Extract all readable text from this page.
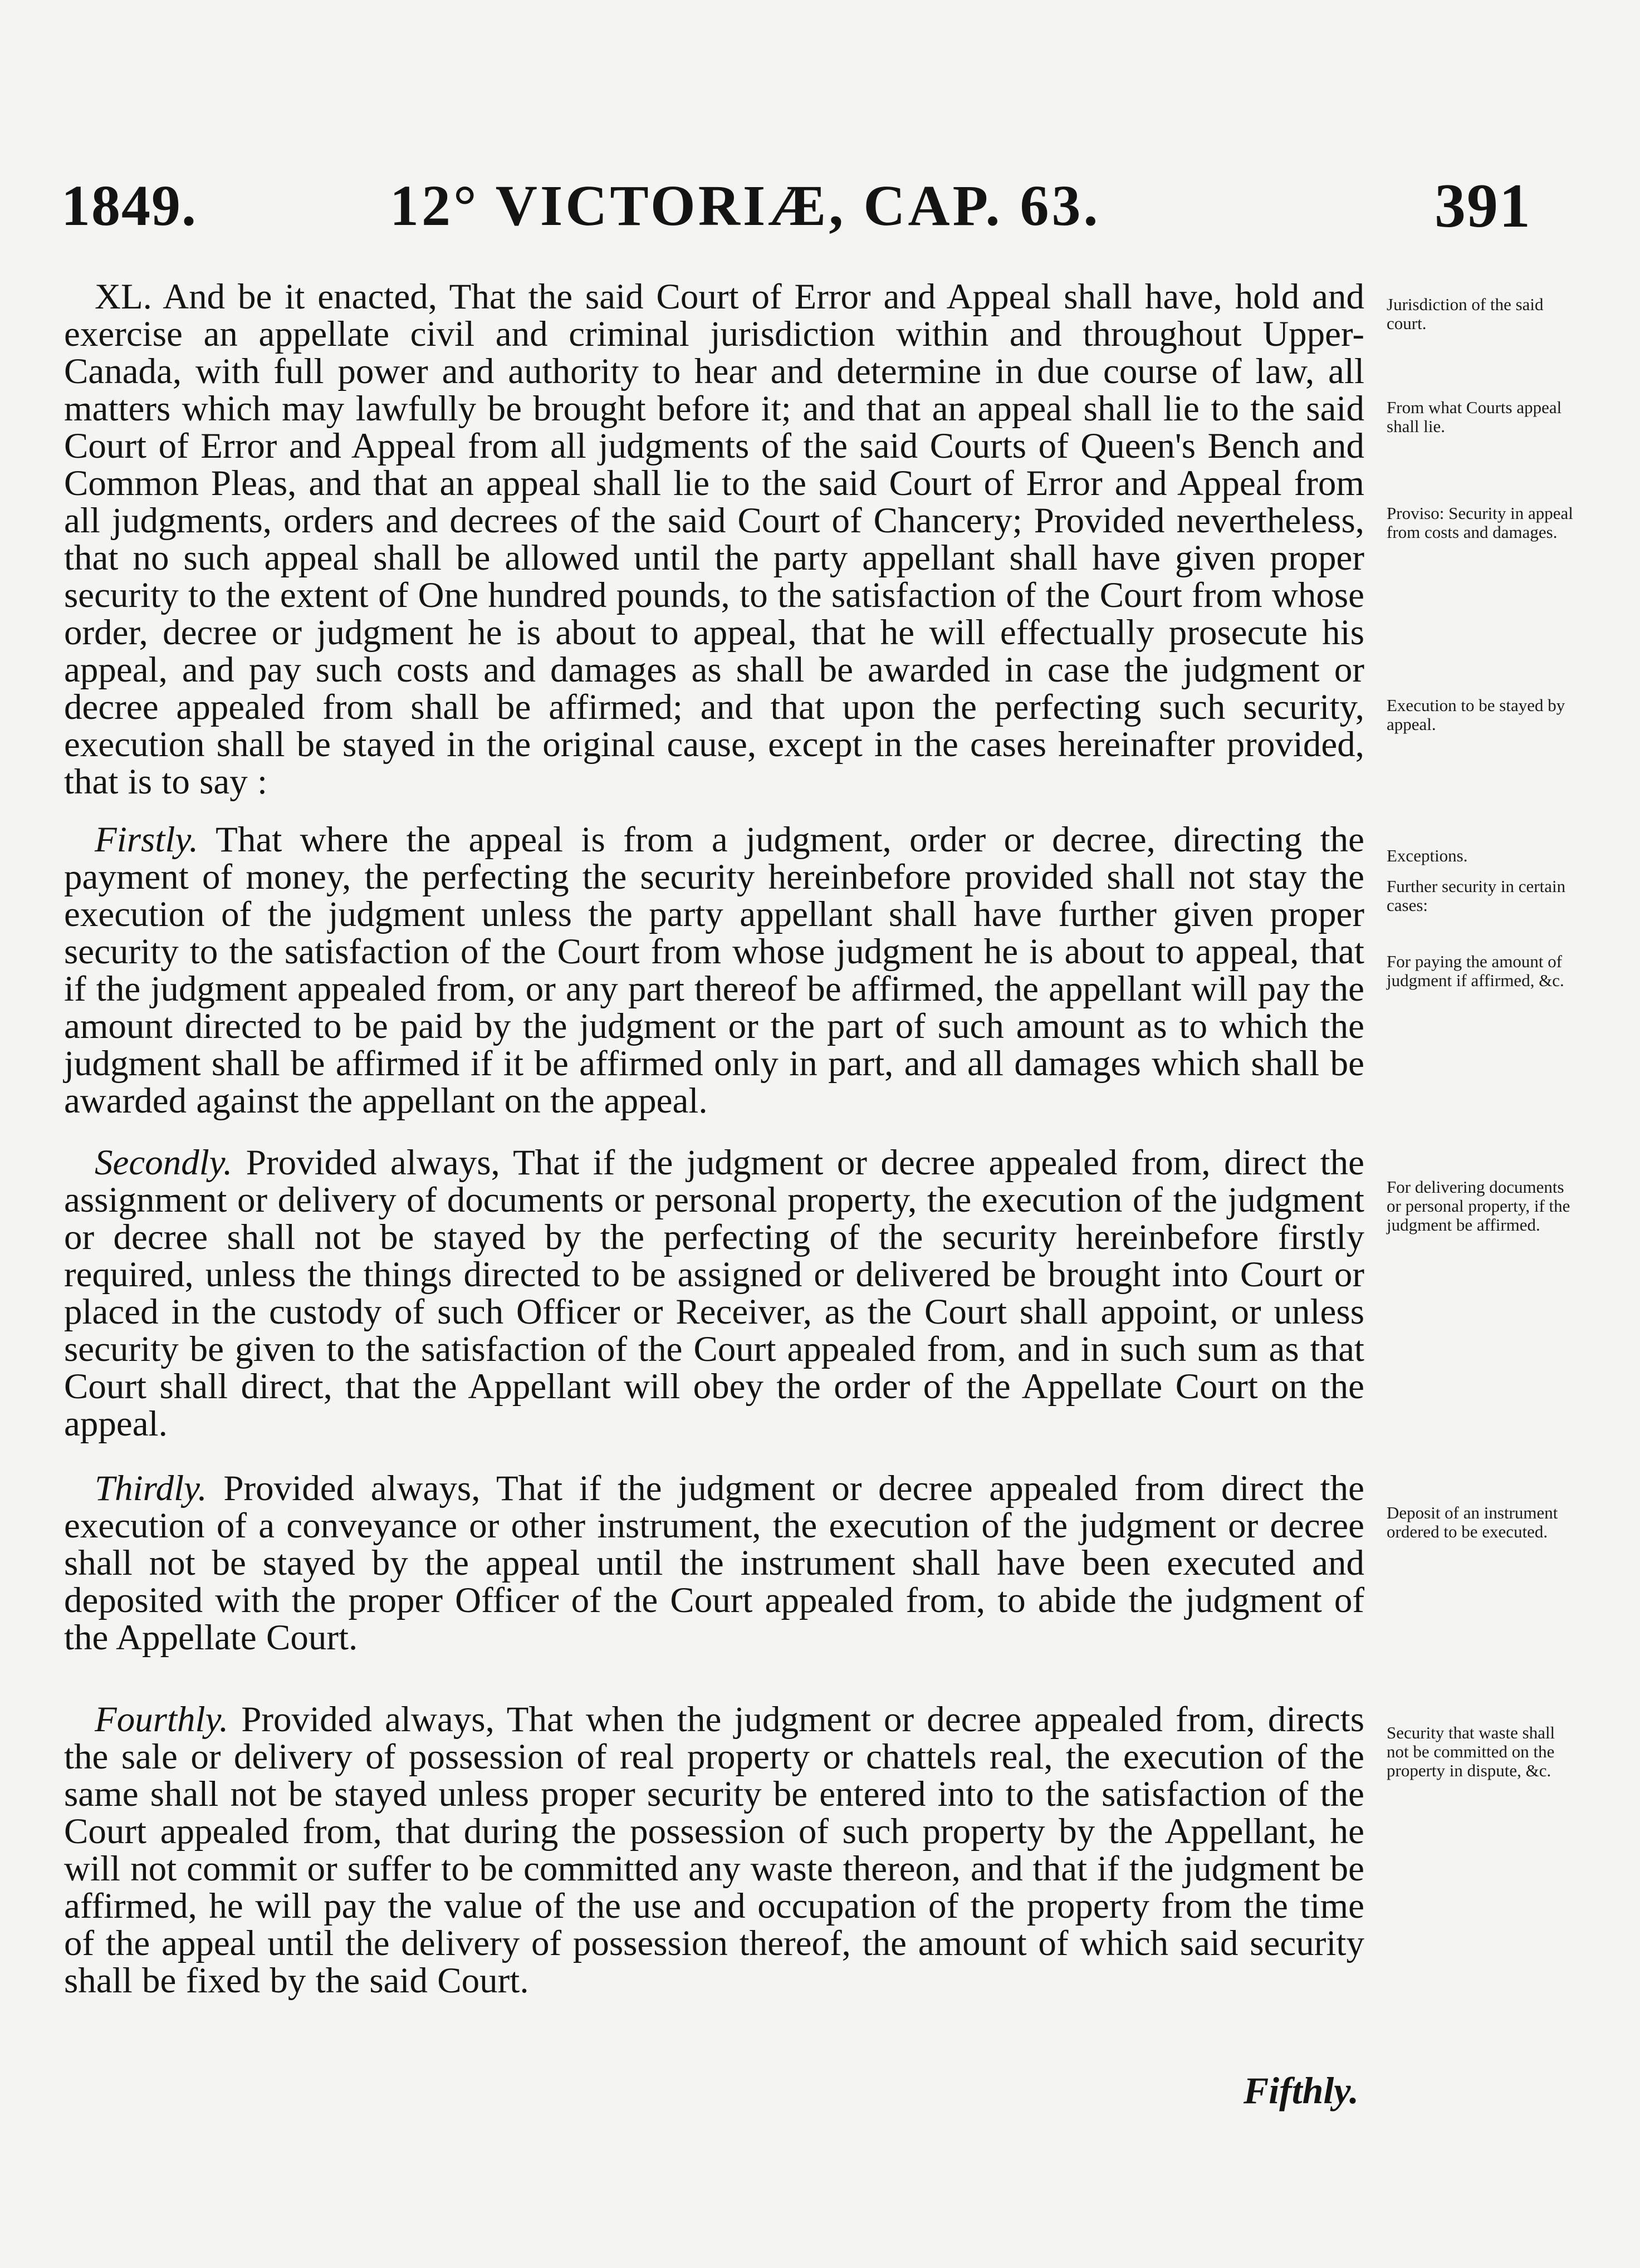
1849.	12° VICTORIÆ, CAP. 63.	391

XL. And be it enacted, That the said Court of Error and Appeal shall have, hold and exercise an appellate civil and criminal jurisdiction within and throughout Upper-Canada, with full power and authority to hear and determine in due course of law, all matters which may lawfully be brought before it; and that an appeal shall lie to the said Court of Error and Appeal from all judgments of the said Courts of Queen's Bench and Common Pleas, and that an appeal shall lie to the said Court of Error and Appeal from all judgments, orders and decrees of the said Court of Chancery; Provided nevertheless, that no such appeal shall be allowed until the party appellant shall have given proper security to the extent of One hundred pounds, to the satisfaction of the Court from whose order, decree or judgment he is about to appeal, that he will effectually prosecute his appeal, and pay such costs and damages as shall be awarded in case the judgment or decree appealed from shall be affirmed; and that upon the perfecting such security, execution shall be stayed in the original cause, except in the cases hereinafter provided, that is to say :

Firstly. That where the appeal is from a judgment, order or decree, directing the payment of money, the perfecting the security hereinbefore provided shall not stay the execution of the judgment unless the party appellant shall have further given proper security to the satisfaction of the Court from whose judgment he is about to appeal, that if the judgment appealed from, or any part thereof be affirmed, the appellant will pay the amount directed to be paid by the judgment or the part of such amount as to which the judgment shall be affirmed if it be affirmed only in part, and all damages which shall be awarded against the appellant on the appeal.

Secondly. Provided always, That if the judgment or decree appealed from, direct the assignment or delivery of documents or personal property, the execution of the judgment or decree shall not be stayed by the perfecting of the security hereinbefore firstly required, unless the things directed to be assigned or delivered be brought into Court or placed in the custody of such Officer or Receiver, as the Court shall appoint, or unless security be given to the satisfaction of the Court appealed from, and in such sum as that Court shall direct, that the Appellant will obey the order of the Appellate Court on the appeal.

Thirdly. Provided always, That if the judgment or decree appealed from direct the execution of a conveyance or other instrument, the execution of the judgment or decree shall not be stayed by the appeal until the instrument shall have been executed and deposited with the proper Officer of the Court appealed from, to abide the judgment of the Appellate Court.

Fourthly. Provided always, That when the judgment or decree appealed from, directs the sale or delivery of possession of real property or chattels real, the execution of the same shall not be stayed unless proper security be entered into to the satisfaction of the Court appealed from, that during the possession of such property by the Appellant, he will not commit or suffer to be committed any waste thereon, and that if the judgment be affirmed, he will pay the value of the use and occupation of the property from the time of the appeal until the delivery of possession thereof, the amount of which said security shall be fixed by the said Court.

Jurisdiction of the said court.
From what Courts appeal shall lie.
Proviso: Security in appeal from costs and damages.
Execution to be stayed by appeal.
Exceptions.
Further security in certain cases:
For paying the amount of judgment if affirmed, &c.
For delivering documents or personal property, if the judgment be affirmed.
Deposit of an instrument ordered to be executed.
Security that waste shall not be committed on the property in dispute, &c.
Fifthly.
